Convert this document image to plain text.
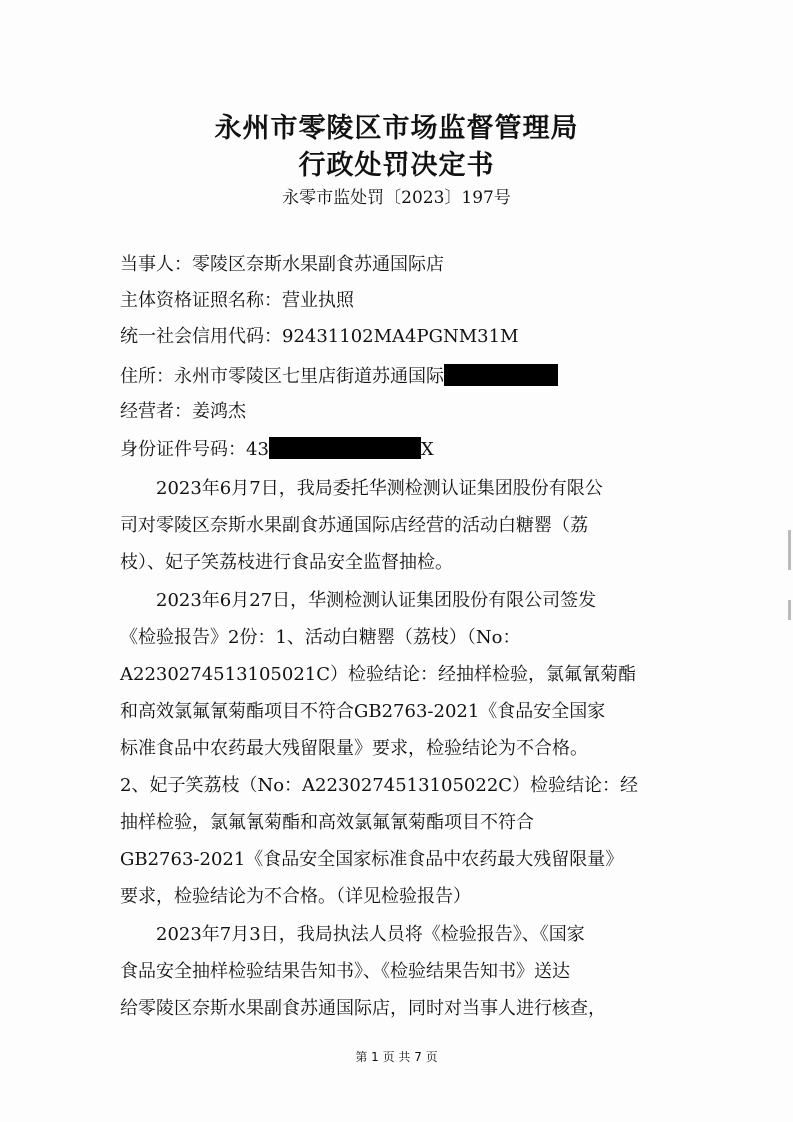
永州市零陵区市场监督管理局
行政处罚决定书
永零市监处罚〔2023〕197号
当事人：零陵区奈斯水果副食苏通国际店
主体资格证照名称：营业执照
统一社会信用代码：92431102MA4PGNM31M
住所：永州市零陵区七里店街道苏通国际
经营者：姜鸿杰
身份证件号码：43	X
2023年6月7日，我局委托华测检测认证集团股份有限公
司对零陵区奈斯水果副食苏通国际店经营的活动白糖罂（荔
枝）、妃子笑荔枝进行食品安全监督抽检。
2023年6月27日，华测检测认证集团股份有限公司签发
《检验报告》2份：1、活动白糖罂（荔枝）（No：
A2230274513105021C）检验结论：经抽样检验，氯氟氰菊酯
和高效氯氟氰菊酯项目不符合GB2763-2021《食品安全国家
标准食品中农药最大残留限量》要求，检验结论为不合格。
2、妃子笑荔枝（No：A2230274513105022C）检验结论：经
抽样检验，氯氟氰菊酯和高效氯氟氰菊酯项目不符合
GB2763-2021《食品安全国家标准食品中农药最大残留限量》
要求，检验结论为不合格。（详见检验报告）
2023年7月3日，我局执法人员将《检验报告》、《国家
食品安全抽样检验结果告知书》、《检验结果告知书》送达
给零陵区奈斯水果副食苏通国际店，同时对当事人进行核查，
第 1 页 共 7 页
